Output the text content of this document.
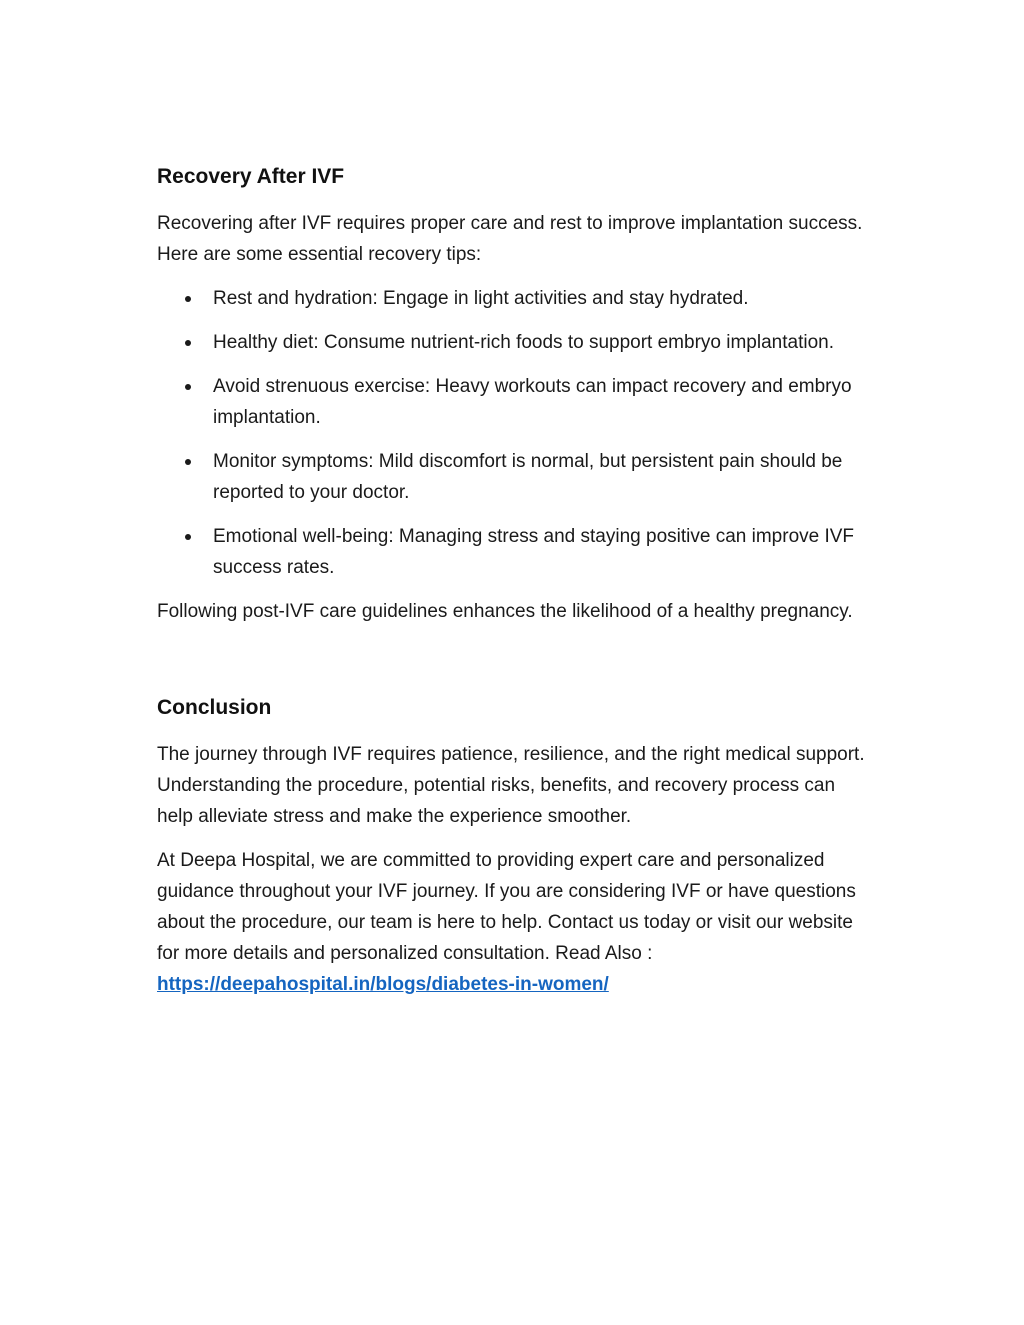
Recovery After IVF

Recovering after IVF requires proper care and rest to improve implantation success. Here are some essential recovery tips:

Rest and hydration: Engage in light activities and stay hydrated.
Healthy diet: Consume nutrient-rich foods to support embryo implantation.
Avoid strenuous exercise: Heavy workouts can impact recovery and embryo implantation.
Monitor symptoms: Mild discomfort is normal, but persistent pain should be reported to your doctor.
Emotional well-being: Managing stress and staying positive can improve IVF success rates.

Following post-IVF care guidelines enhances the likelihood of a healthy pregnancy.

Conclusion

The journey through IVF requires patience, resilience, and the right medical support. Understanding the procedure, potential risks, benefits, and recovery process can help alleviate stress and make the experience smoother.

At Deepa Hospital, we are committed to providing expert care and personalized guidance throughout your IVF journey. If you are considering IVF or have questions about the procedure, our team is here to help. Contact us today or visit our website for more details and personalized consultation. Read Also : https://deepahospital.in/blogs/diabetes-in-women/
